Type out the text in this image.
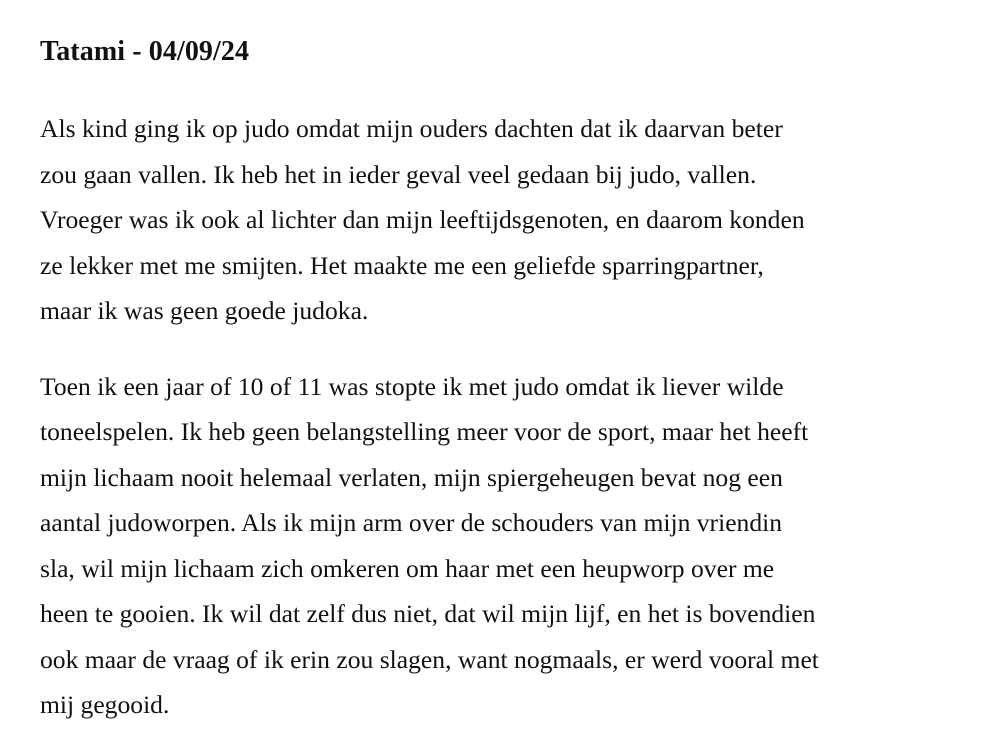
Tatami - 04/09/24

Als kind ging ik op judo omdat mijn ouders dachten dat ik daarvan beter
zou gaan vallen. Ik heb het in ieder geval veel gedaan bij judo, vallen.
Vroeger was ik ook al lichter dan mijn leeftijdsgenoten, en daarom konden
ze lekker met me smijten. Het maakte me een geliefde sparringpartner,
maar ik was geen goede judoka.

Toen ik een jaar of 10 of 11 was stopte ik met judo omdat ik liever wilde
toneelspelen. Ik heb geen belangstelling meer voor de sport, maar het heeft
mijn lichaam nooit helemaal verlaten, mijn spiergeheugen bevat nog een
aantal judoworpen. Als ik mijn arm over de schouders van mijn vriendin
sla, wil mijn lichaam zich omkeren om haar met een heupworp over me
heen te gooien. Ik wil dat zelf dus niet, dat wil mijn lijf, en het is bovendien
ook maar de vraag of ik erin zou slagen, want nogmaals, er werd vooral met
mij gegooid.
